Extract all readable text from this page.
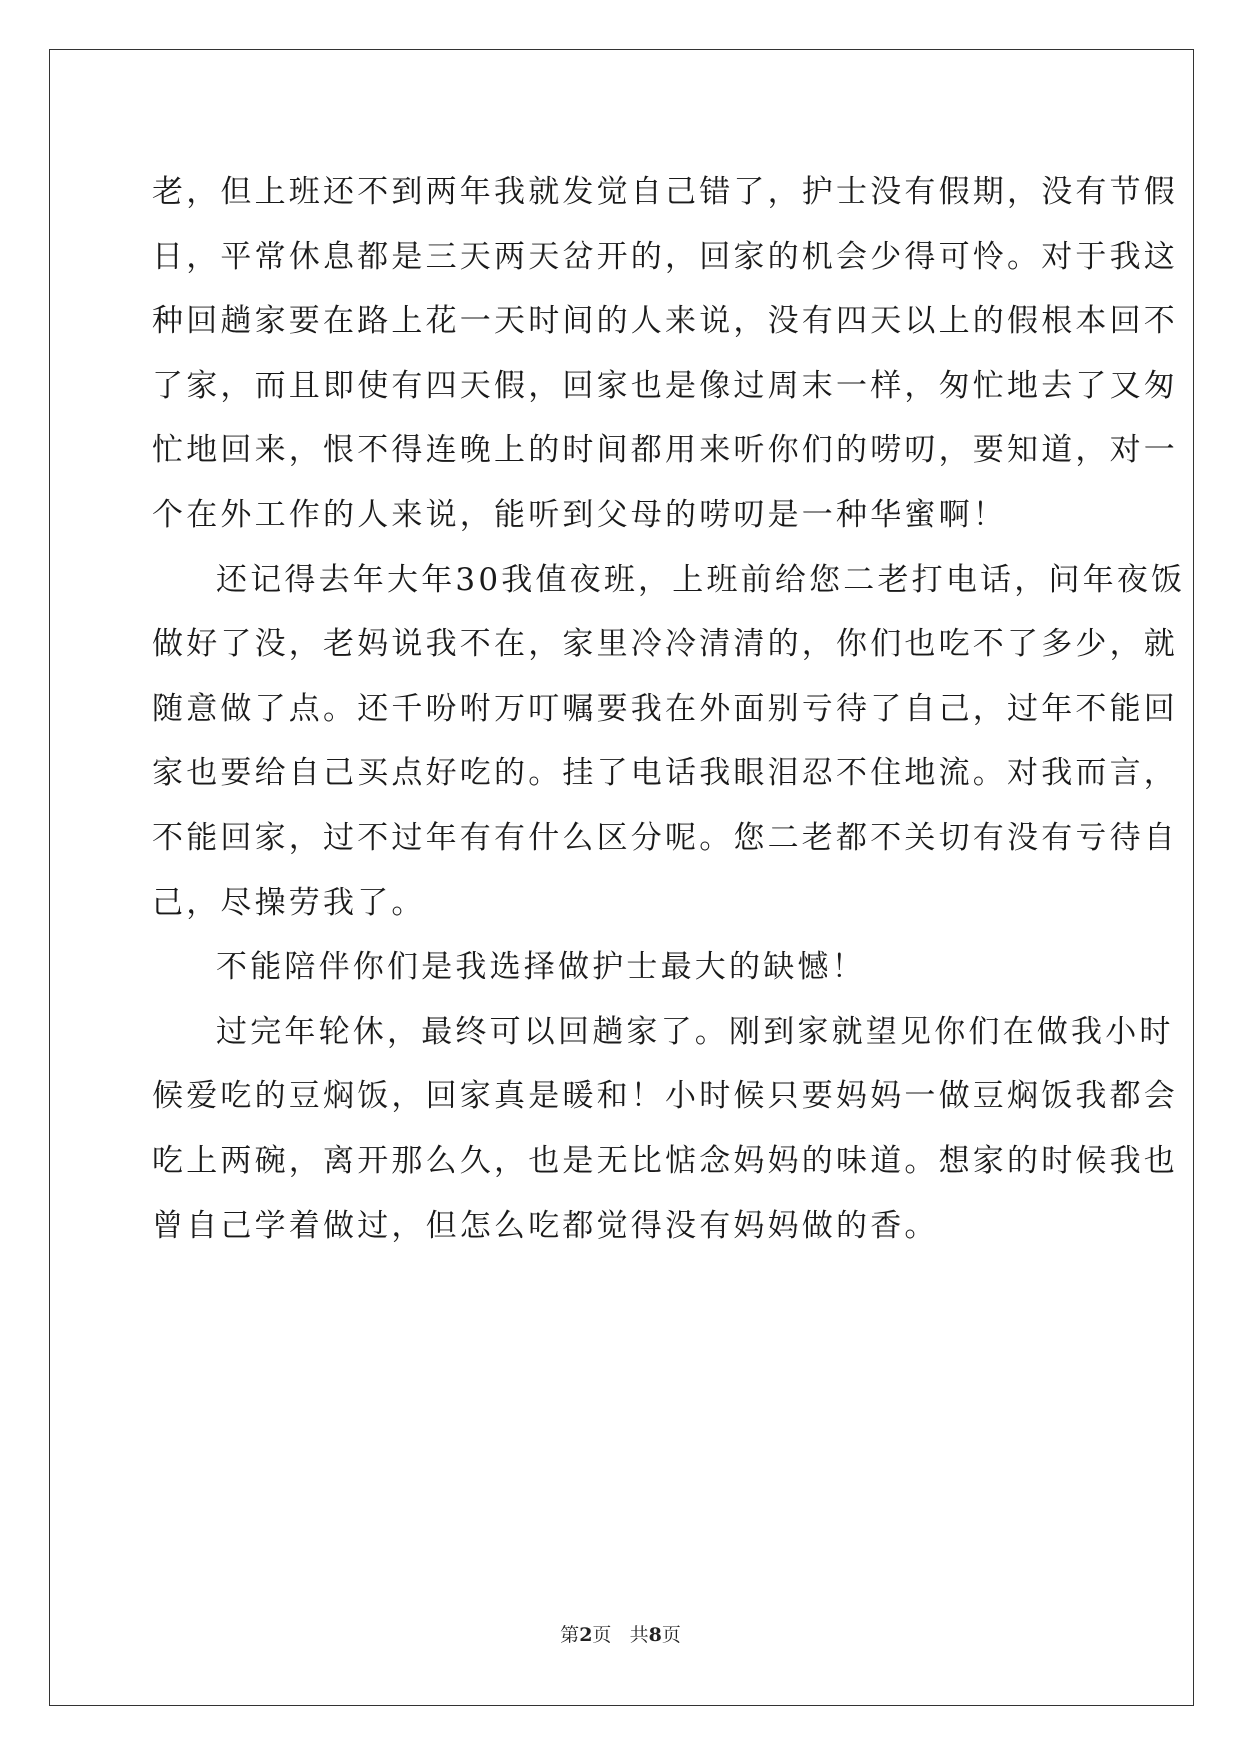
老，但上班还不到两年我就发觉自己错了，护士没有假期，没有节假
日，平常休息都是三天两天岔开的，回家的机会少得可怜。对于我这
种回趟家要在路上花一天时间的人来说，没有四天以上的假根本回不
了家，而且即使有四天假，回家也是像过周末一样，匆忙地去了又匆
忙地回来，恨不得连晚上的时间都用来听你们的唠叨，要知道，对一
个在外工作的人来说，能听到父母的唠叨是一种华蜜啊！
还记得去年大年30我值夜班，上班前给您二老打电话，问年夜饭
做好了没，老妈说我不在，家里冷冷清清的，你们也吃不了多少，就
随意做了点。还千吩咐万叮嘱要我在外面别亏待了自己，过年不能回
家也要给自己买点好吃的。挂了电话我眼泪忍不住地流。对我而言，
不能回家，过不过年有有什么区分呢。您二老都不关切有没有亏待自
己，尽操劳我了。
不能陪伴你们是我选择做护士最大的缺憾！
过完年轮休，最终可以回趟家了。刚到家就望见你们在做我小时
候爱吃的豆焖饭，回家真是暖和！小时候只要妈妈一做豆焖饭我都会
吃上两碗，离开那么久，也是无比惦念妈妈的味道。想家的时候我也
曾自己学着做过，但怎么吃都觉得没有妈妈做的香。
第2页 共8页
